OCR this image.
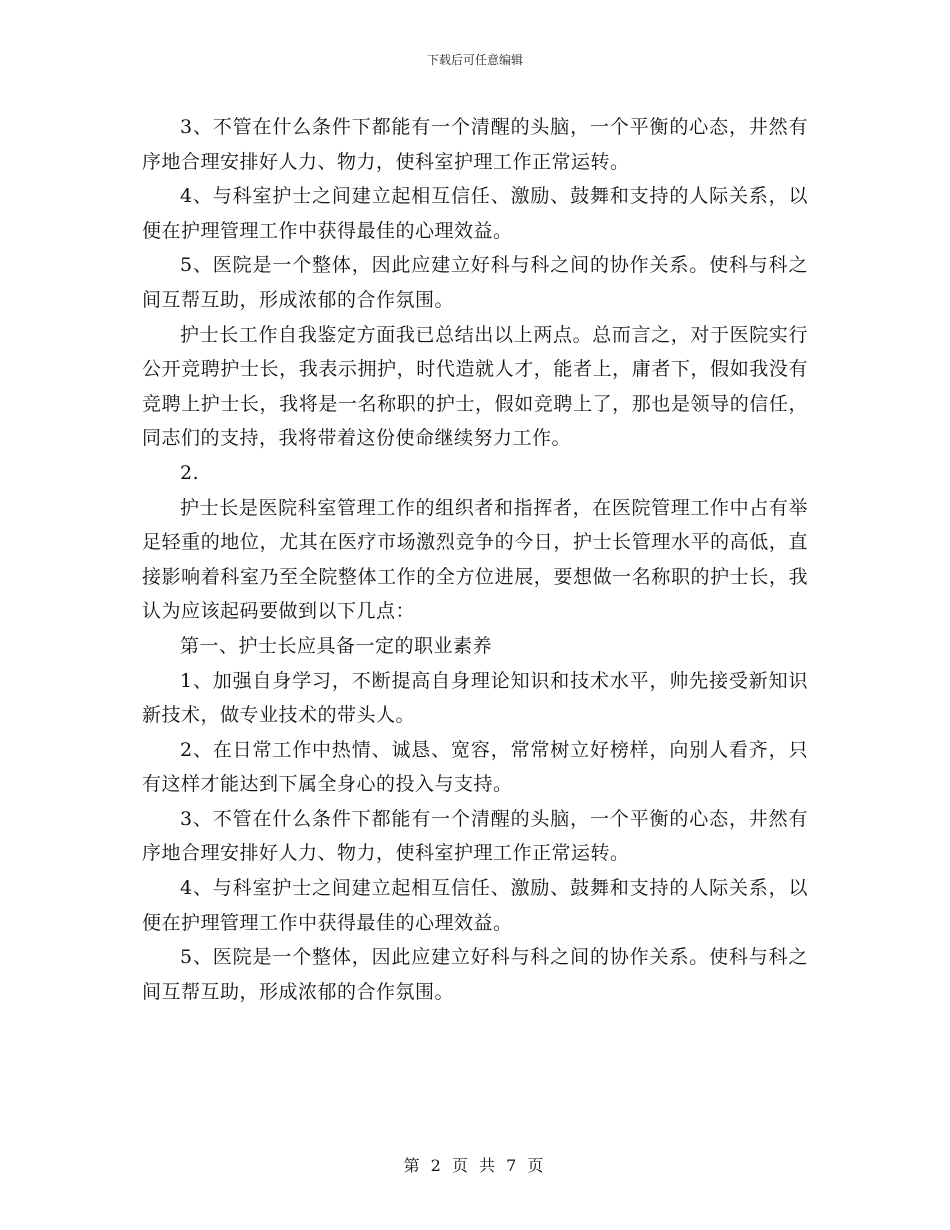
下载后可任意编辑

3、不管在什么条件下都能有一个清醒的头脑，一个平衡的心态，井然有序地合理安排好人力、物力，使科室护理工作正常运转。

4、与科室护士之间建立起相互信任、激励、鼓舞和支持的人际关系，以便在护理管理工作中获得最佳的心理效益。

5、医院是一个整体，因此应建立好科与科之间的协作关系。使科与科之间互帮互助，形成浓郁的合作氛围。

护士长工作自我鉴定方面我已总结出以上两点。总而言之，对于医院实行公开竞聘护士长，我表示拥护，时代造就人才，能者上，庸者下，假如我没有竞聘上护士长，我将是一名称职的护士，假如竞聘上了，那也是领导的信任，同志们的支持，我将带着这份使命继续努力工作。

2.

护士长是医院科室管理工作的组织者和指挥者，在医院管理工作中占有举足轻重的地位，尤其在医疗市场激烈竞争的今日，护士长管理水平的高低，直接影响着科室乃至全院整体工作的全方位进展，要想做一名称职的护士长，我认为应该起码要做到以下几点：

第一、护士长应具备一定的职业素养

1、加强自身学习，不断提高自身理论知识和技术水平，帅先接受新知识新技术，做专业技术的带头人。

2、在日常工作中热情、诚恳、宽容，常常树立好榜样，向别人看齐，只有这样才能达到下属全身心的投入与支持。

3、不管在什么条件下都能有一个清醒的头脑，一个平衡的心态，井然有序地合理安排好人力、物力，使科室护理工作正常运转。

4、与科室护士之间建立起相互信任、激励、鼓舞和支持的人际关系，以便在护理管理工作中获得最佳的心理效益。

5、医院是一个整体，因此应建立好科与科之间的协作关系。使科与科之间互帮互助，形成浓郁的合作氛围。

第 2 页 共 7 页
